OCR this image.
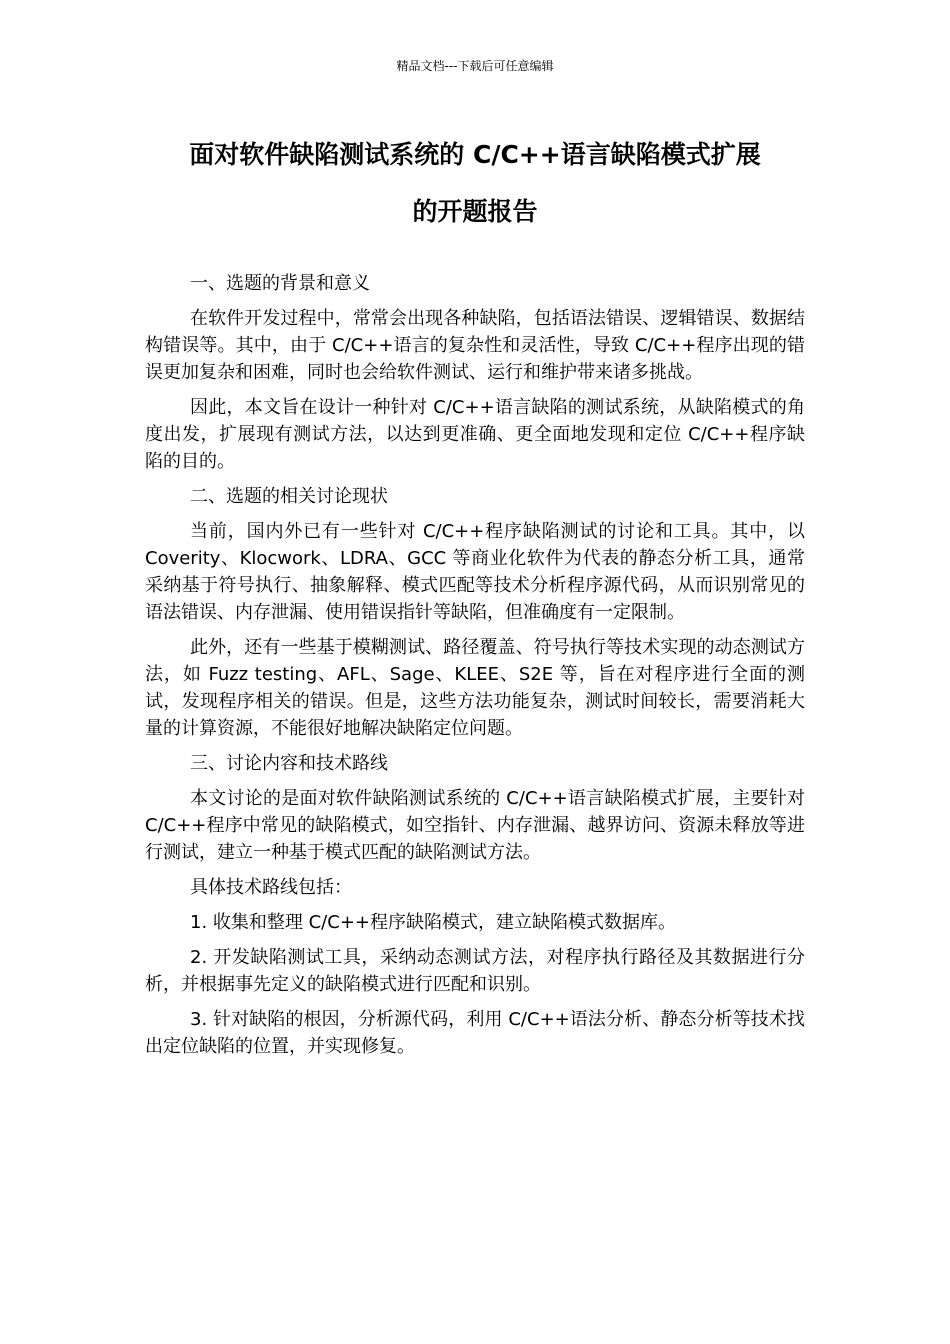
精品文档---下载后可任意编辑
面对软件缺陷测试系统的 C/C++语言缺陷模式扩展
的开题报告
一、选题的背景和意义
在软件开发过程中，常常会出现各种缺陷，包括语法错误、逻辑错误、数据结构错误等。其中，由于 C/C++语言的复杂性和灵活性，导致 C/C++程序出现的错误更加复杂和困难，同时也会给软件测试、运行和维护带来诸多挑战。
因此，本文旨在设计一种针对 C/C++语言缺陷的测试系统，从缺陷模式的角度出发，扩展现有测试方法，以达到更准确、更全面地发现和定位 C/C++程序缺陷的目的。
二、选题的相关讨论现状
当前，国内外已有一些针对 C/C++程序缺陷测试的讨论和工具。其中，以 Coverity、Klocwork、LDRA、GCC 等商业化软件为代表的静态分析工具，通常采纳基于符号执行、抽象解释、模式匹配等技术分析程序源代码，从而识别常见的语法错误、内存泄漏、使用错误指针等缺陷，但准确度有一定限制。
此外，还有一些基于模糊测试、路径覆盖、符号执行等技术实现的动态测试方法，如 Fuzz testing、AFL、Sage、KLEE、S2E 等，旨在对程序进行全面的测试，发现程序相关的错误。但是，这些方法功能复杂，测试时间较长，需要消耗大量的计算资源，不能很好地解决缺陷定位问题。
三、讨论内容和技术路线
本文讨论的是面对软件缺陷测试系统的 C/C++语言缺陷模式扩展，主要针对 C/C++程序中常见的缺陷模式，如空指针、内存泄漏、越界访问、资源未释放等进行测试，建立一种基于模式匹配的缺陷测试方法。
具体技术路线包括：
1. 收集和整理 C/C++程序缺陷模式，建立缺陷模式数据库。
2. 开发缺陷测试工具，采纳动态测试方法，对程序执行路径及其数据进行分析，并根据事先定义的缺陷模式进行匹配和识别。
3. 针对缺陷的根因，分析源代码，利用 C/C++语法分析、静态分析等技术找出定位缺陷的位置，并实现修复。
